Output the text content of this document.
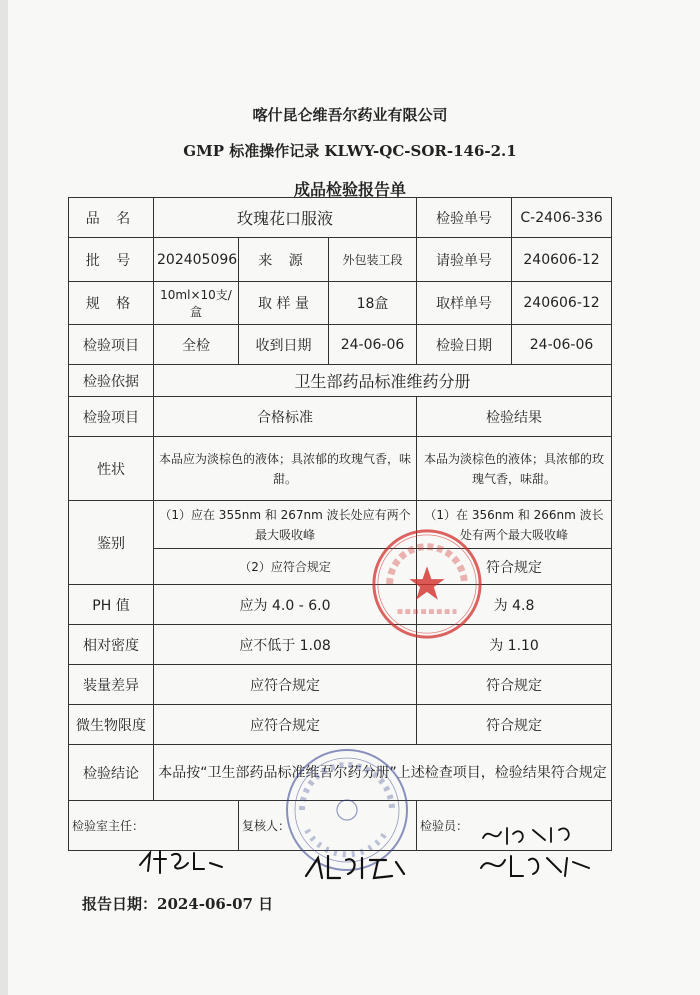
喀什昆仑维吾尔药业有限公司
GMP 标准操作记录 KLWY-QC-SOR-146-2.1
成品检验报告单
品 名	玫瑰花口服液			检验单号	C-2406-336
批 号	202405096	来 源	外包装工段	请验单号	240606-12
规 格	10ml×10支/盒	取 样 量	18盒	取样单号	240606-12
检验项目	全检	收到日期	24-06-06	检验日期	24-06-06
检验依据	卫生部药品标准维药分册				
检验项目	合格标准			检验结果	
性状	本品应为淡棕色的液体；具浓郁的玫瑰气香，味甜。			本品为淡棕色的液体；具浓郁的玫瑰气香，味甜。	
鉴别	（1）应在 355nm 和 267nm 波长处应有两个最大吸收峰			（1）在 356nm 和 266nm 波长处有两个最大吸收峰	
	（2）应符合规定			符合规定	
PH 值	应为 4.0 - 6.0			为 4.8	
相对密度	应不低于 1.08			为 1.10	
装量差异	应符合规定			符合规定	
微生物限度	应符合规定			符合规定	
检验结论	本品按“卫生部药品标准维吾尔药分册”上述检查项目，检验结果符合规定				
检验室主任：		复核人：		检验员：	
报告日期：2024-06-07 日
